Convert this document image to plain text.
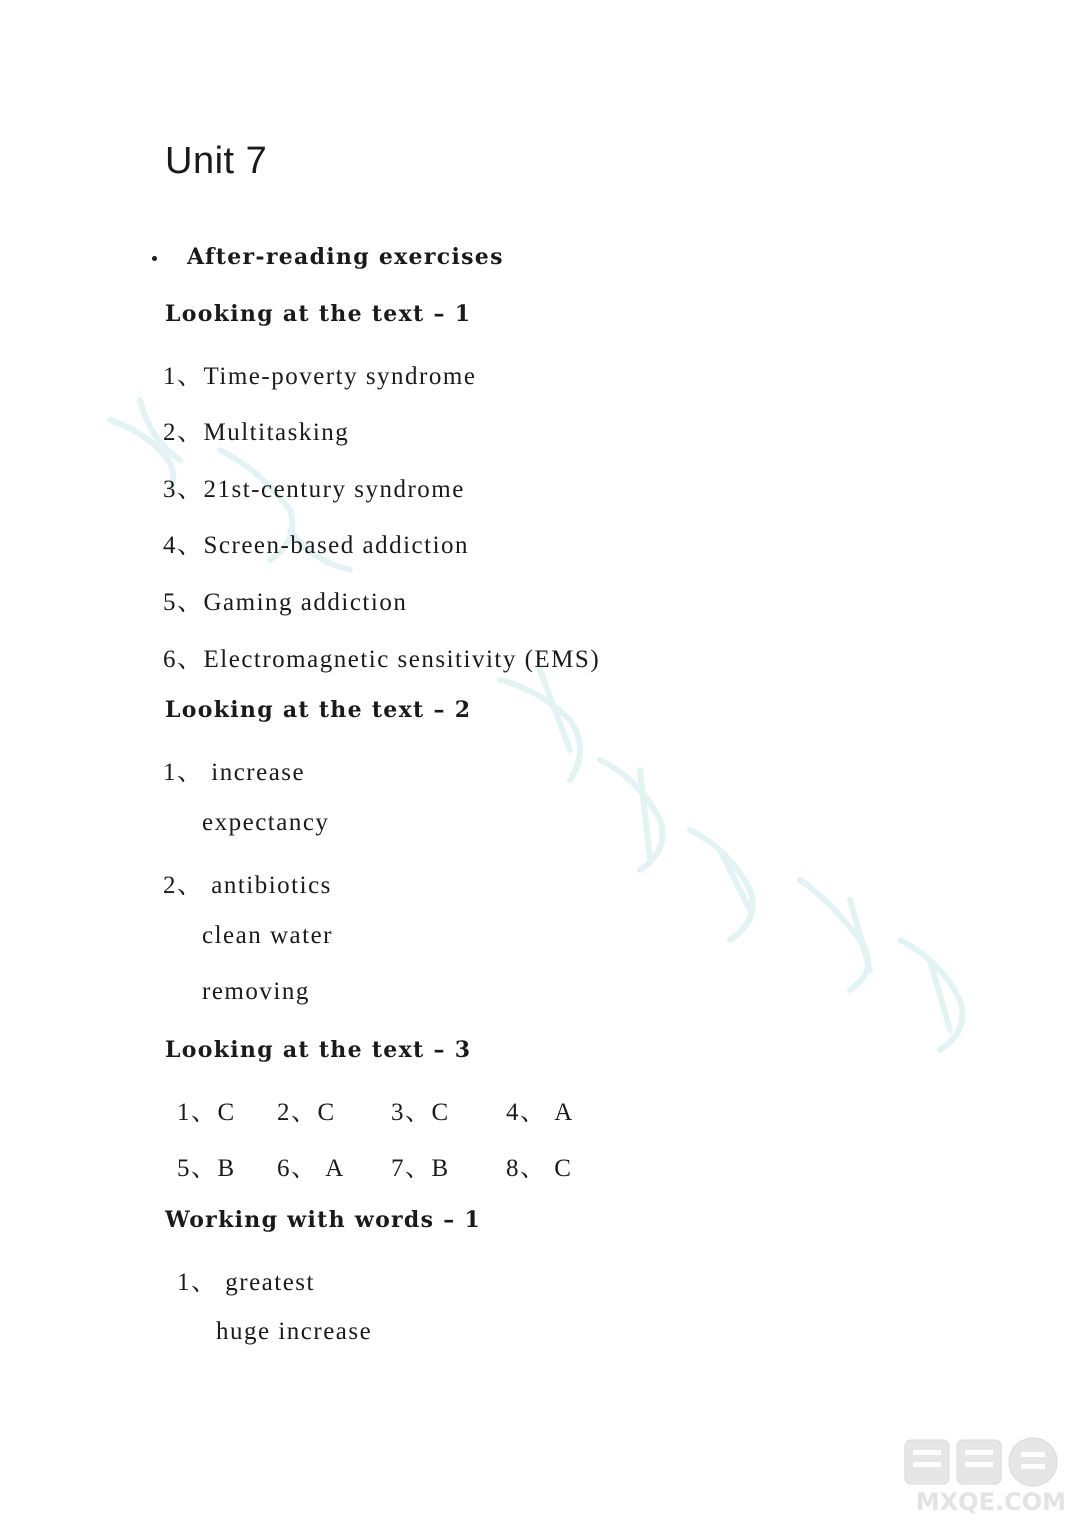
Unit 7
After-reading exercises
Looking at the text – 1
1、Time-poverty syndrome
2、Multitasking
3、21st-century syndrome
4、Screen-based addiction
5、Gaming addiction
6、Electromagnetic sensitivity (EMS)
Looking at the text – 2
1、 increase
expectancy
2、 antibiotics
clean water
removing
Looking at the text – 3
1、C 2、C 3、C 4、 A
5、B 6、 A 7、B 8、 C
Working with words – 1
1、 greatest
huge increase
MXQE.COM
